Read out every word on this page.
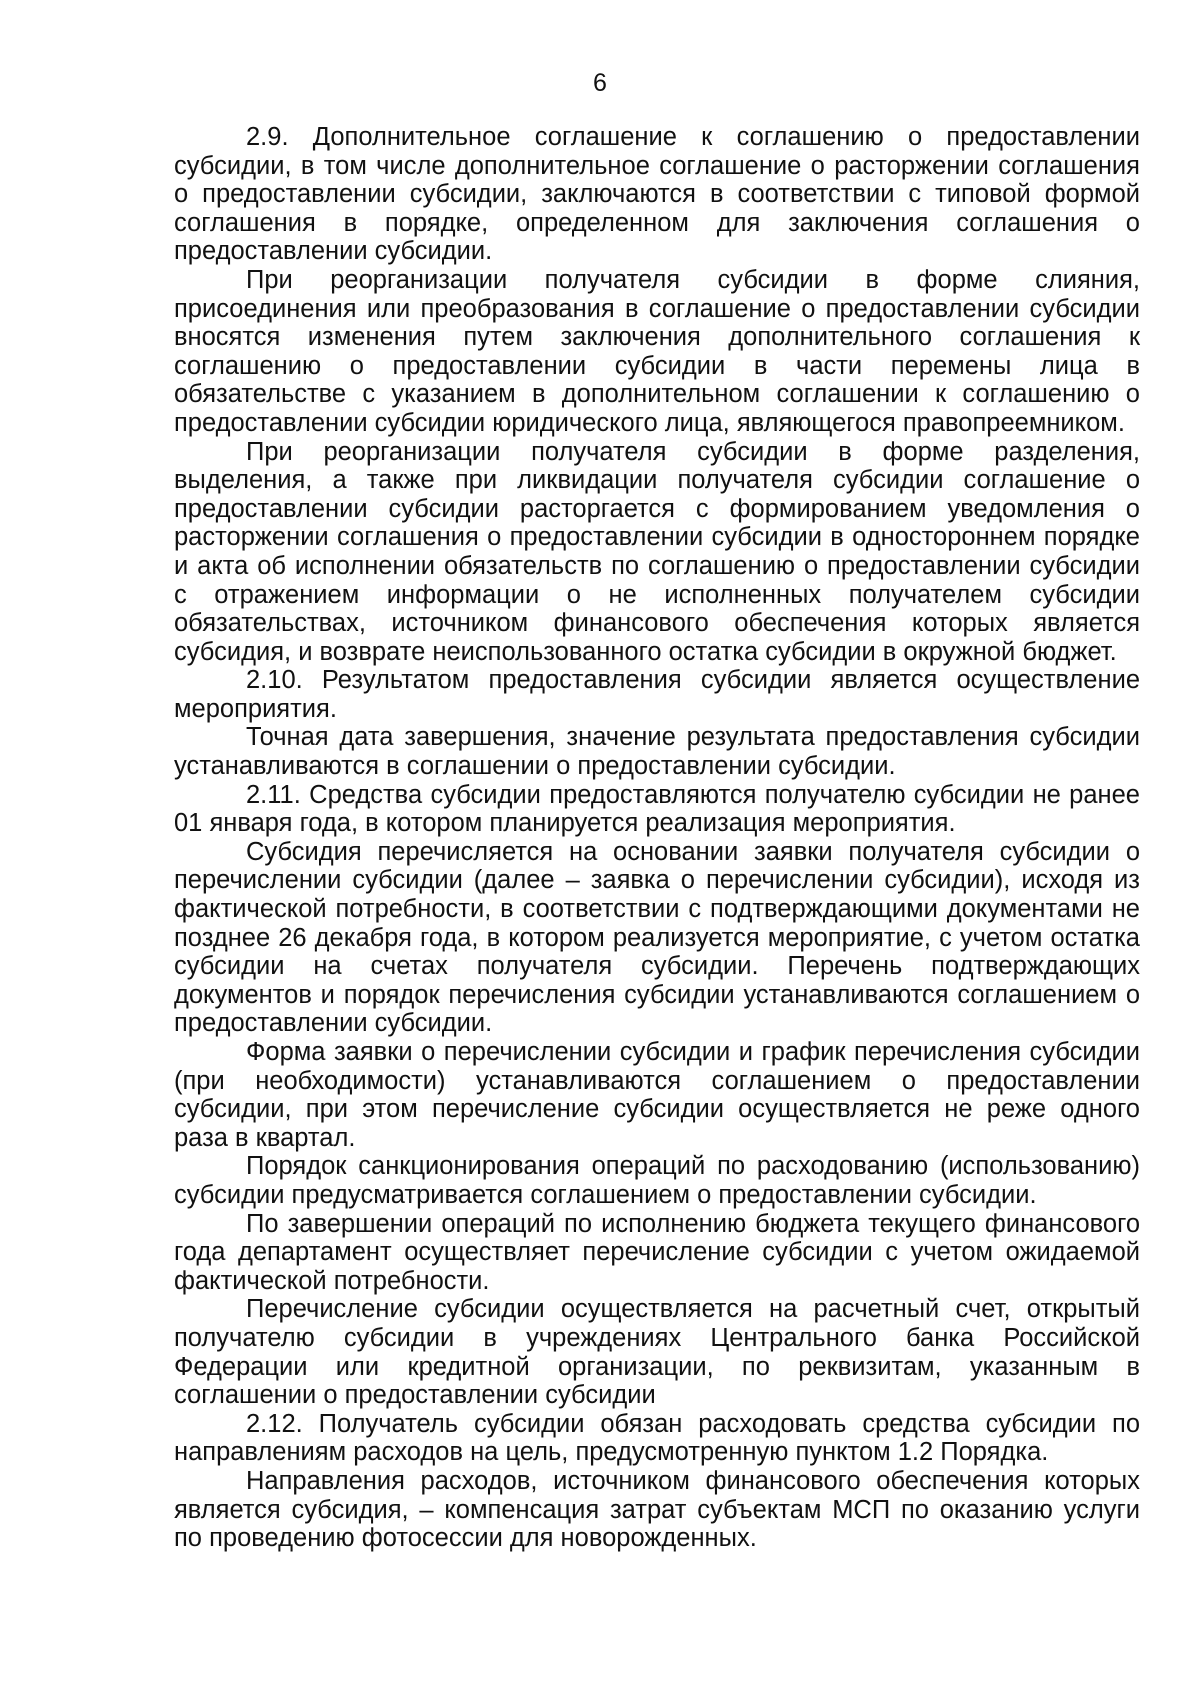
6

2.9. Дополнительное соглашение к соглашению о предоставлении субсидии, в том числе дополнительное соглашение о расторжении соглашения о предоставлении субсидии, заключаются в соответствии с типовой формой соглашения в порядке, определенном для заключения соглашения о предоставлении субсидии.

При реорганизации получателя субсидии в форме слияния, присоединения или преобразования в соглашение о предоставлении субсидии вносятся изменения путем заключения дополнительного соглашения к соглашению о предоставлении субсидии в части перемены лица в обязательстве с указанием в дополнительном соглашении к соглашению о предоставлении субсидии юридического лица, являющегося правопреемником.

При реорганизации получателя субсидии в форме разделения, выделения, а также при ликвидации получателя субсидии соглашение о предоставлении субсидии расторгается с формированием уведомления о расторжении соглашения о предоставлении субсидии в одностороннем порядке и акта об исполнении обязательств по соглашению о предоставлении субсидии с отражением информации о не исполненных получателем субсидии обязательствах, источником финансового обеспечения которых является субсидия, и возврате неиспользованного остатка субсидии в окружной бюджет.

2.10. Результатом предоставления субсидии является осуществление мероприятия.

Точная дата завершения, значение результата предоставления субсидии устанавливаются в соглашении о предоставлении субсидии.

2.11. Средства субсидии предоставляются получателю субсидии не ранее 01 января года, в котором планируется реализация мероприятия.

Субсидия перечисляется на основании заявки получателя субсидии о перечислении субсидии (далее – заявка о перечислении субсидии), исходя из фактической потребности, в соответствии с подтверждающими документами не позднее 26 декабря года, в котором реализуется мероприятие, с учетом остатка субсидии на счетах получателя субсидии. Перечень подтверждающих документов и порядок перечисления субсидии устанавливаются соглашением о предоставлении субсидии.

Форма заявки о перечислении субсидии и график перечисления субсидии (при необходимости) устанавливаются соглашением о предоставлении субсидии, при этом перечисление субсидии осуществляется не реже одного раза в квартал.

Порядок санкционирования операций по расходованию (использованию) субсидии предусматривается соглашением о предоставлении субсидии.

По завершении операций по исполнению бюджета текущего финансового года департамент осуществляет перечисление субсидии с учетом ожидаемой фактической потребности.

Перечисление субсидии осуществляется на расчетный счет, открытый получателю субсидии в учреждениях Центрального банка Российской Федерации или кредитной организации, по реквизитам, указанным в соглашении о предоставлении субсидии

2.12. Получатель субсидии обязан расходовать средства субсидии по направлениям расходов на цель, предусмотренную пунктом 1.2 Порядка.

Направления расходов, источником финансового обеспечения которых является субсидия, – компенсация затрат субъектам МСП по оказанию услуги по проведению фотосессии для новорожденных.
